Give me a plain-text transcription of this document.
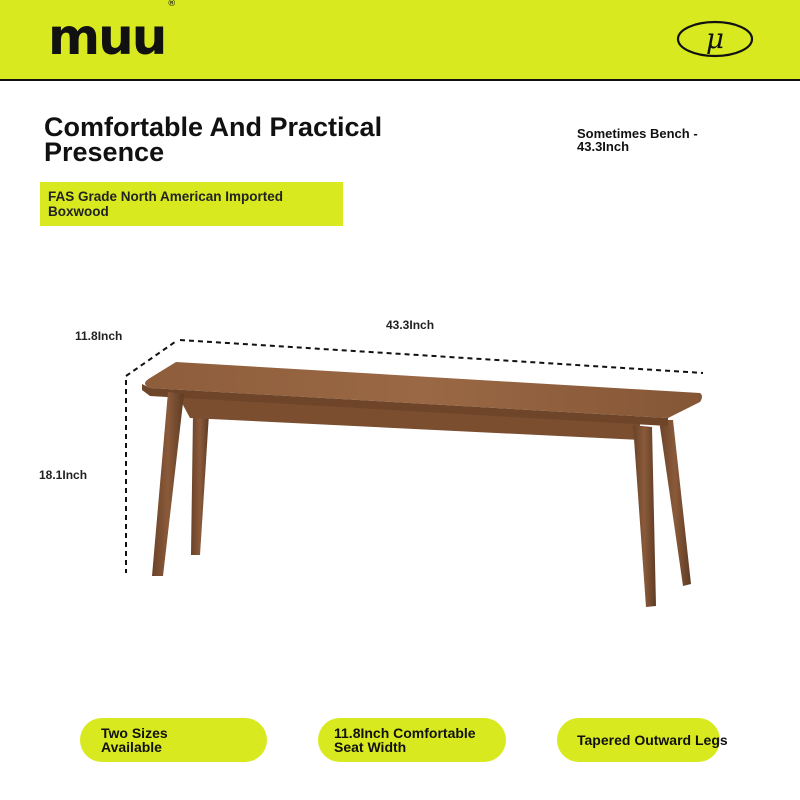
muu®
μ
Comfortable And Practical Presence
Sometimes Bench - 43.3Inch
FAS Grade North American Imported Boxwood
43.3Inch
11.8Inch
18.1Inch
Two Sizes Available
11.8Inch Comfortable Seat Width	Tapered Outward Legs
